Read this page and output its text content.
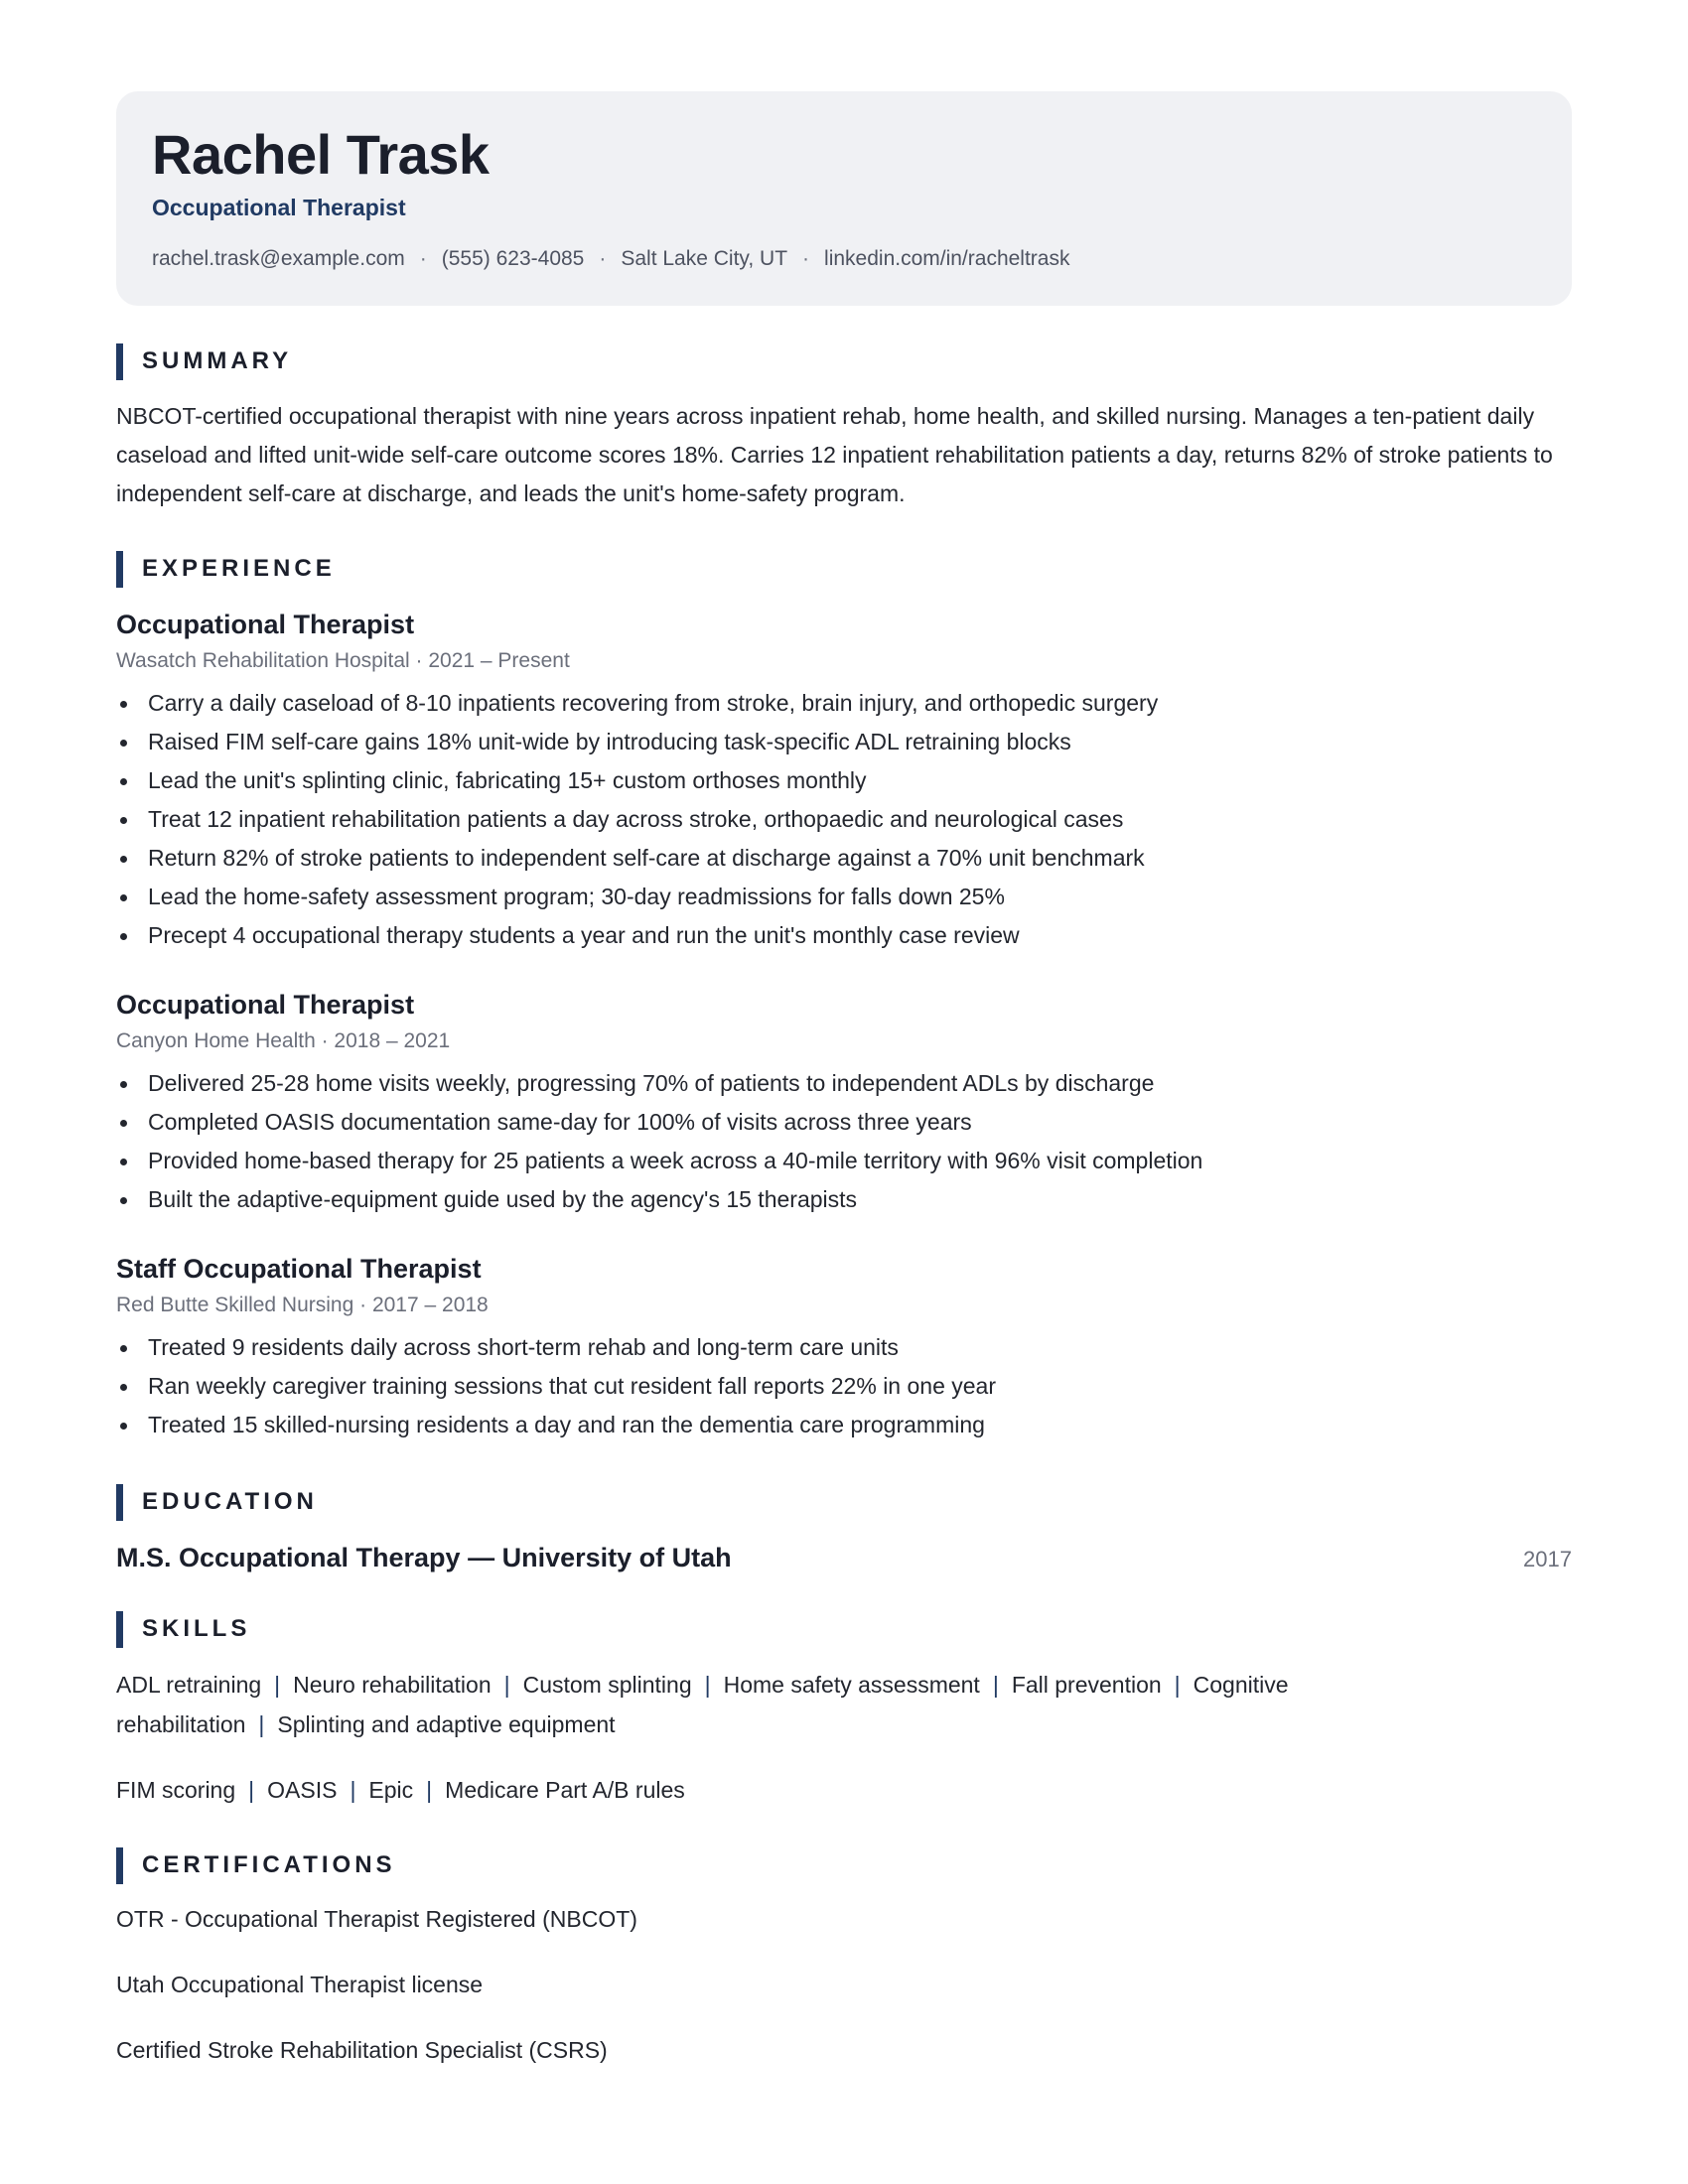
Rachel Trask
Occupational Therapist
rachel.trask@example.com · (555) 623-4085 · Salt Lake City, UT · linkedin.com/in/racheltrask
SUMMARY

NBCOT-certified occupational therapist with nine years across inpatient rehab, home health, and skilled nursing. Manages a ten-patient daily caseload and lifted unit-wide self-care outcome scores 18%. Carries 12 inpatient rehabilitation patients a day, returns 82% of stroke patients to independent self-care at discharge, and leads the unit's home-safety program.

EXPERIENCE
Occupational Therapist
Wasatch Rehabilitation Hospital · 2021 – Present
Carry a daily caseload of 8-10 inpatients recovering from stroke, brain injury, and orthopedic surgery
Raised FIM self-care gains 18% unit-wide by introducing task-specific ADL retraining blocks
Lead the unit's splinting clinic, fabricating 15+ custom orthoses monthly
Treat 12 inpatient rehabilitation patients a day across stroke, orthopaedic and neurological cases
Return 82% of stroke patients to independent self-care at discharge against a 70% unit benchmark
Lead the home-safety assessment program; 30-day readmissions for falls down 25%
Precept 4 occupational therapy students a year and run the unit's monthly case review
Occupational Therapist
Canyon Home Health · 2018 – 2021
Delivered 25-28 home visits weekly, progressing 70% of patients to independent ADLs by discharge
Completed OASIS documentation same-day for 100% of visits across three years
Provided home-based therapy for 25 patients a week across a 40-mile territory with 96% visit completion
Built the adaptive-equipment guide used by the agency's 15 therapists
Staff Occupational Therapist
Red Butte Skilled Nursing · 2017 – 2018
Treated 9 residents daily across short-term rehab and long-term care units
Ran weekly caregiver training sessions that cut resident fall reports 22% in one year
Treated 15 skilled-nursing residents a day and ran the dementia care programming
EDUCATION
M.S. Occupational Therapy — University of Utah	2017
SKILLS
ADL retraining | Neuro rehabilitation | Custom splinting | Home safety assessment | Fall prevention | Cognitive rehabilitation | Splinting and adaptive equipment
FIM scoring | OASIS | Epic | Medicare Part A/B rules
CERTIFICATIONS
OTR - Occupational Therapist Registered (NBCOT)
Utah Occupational Therapist license
Certified Stroke Rehabilitation Specialist (CSRS)
